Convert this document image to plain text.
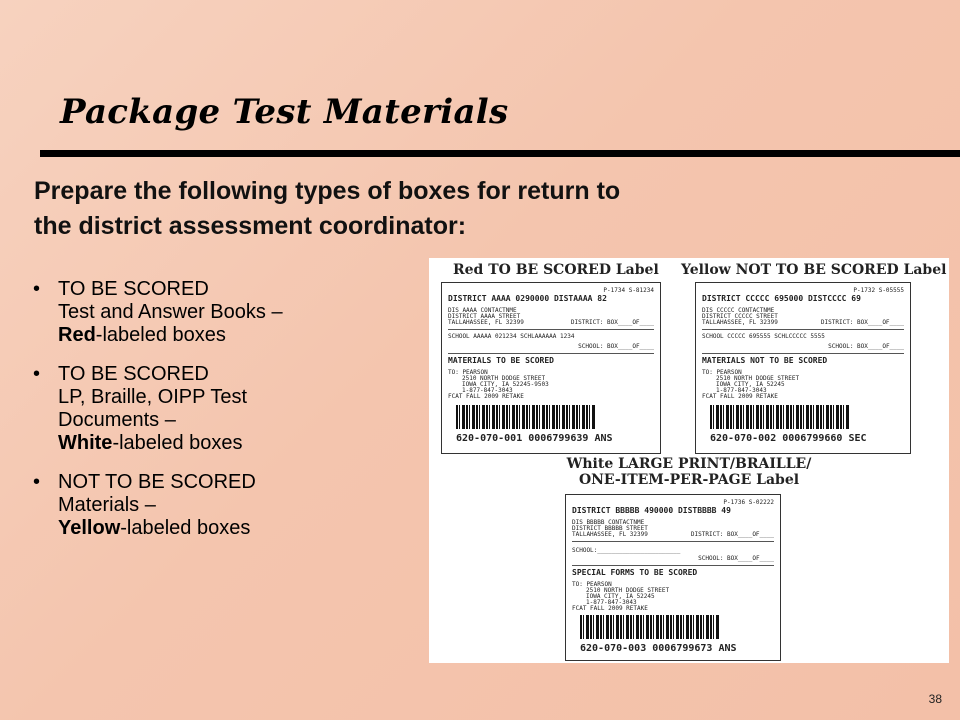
Package Test Materials

Prepare the following types of boxes for return to
the district assessment coordinator:

• TO BE SCORED
Test and Answer Books –
Red-labeled boxes
• TO BE SCORED
LP, Braille, OIPP Test
Documents –
White-labeled boxes
• NOT TO BE SCORED
Materials –
Yellow-labeled boxes
Red TO BE SCORED Label
P-1734 S-81234
DISTRICT AAAA 0290000 DISTAAAA 82
DIS AAAA CONTACTNME
DISTRICT AAAA STREET
TALLAHASSEE, FL 32399	DISTRICT: BOX____OF____
SCHOOL AAAAA 021234 SCHLAAAAAA 1234
SCHOOL: BOX____OF____
MATERIALS TO BE SCORED
TO: PEARSON
2510 NORTH DODGE STREET
IOWA CITY, IA 52245-9503
1-877-847-3043
FCAT FALL 2009 RETAKE
620-070-001 0006799639 ANS
Yellow NOT TO BE SCORED Label
P-1732 S-05555
DISTRICT CCCCC 695000 DISTCCCC 69
DIS CCCCC CONTACTNME
DISTRICT CCCCC STREET
TALLAHASSEE, FL 32399	DISTRICT: BOX____OF____
SCHOOL CCCCC 695555 SCHLCCCCC 5555
SCHOOL: BOX____OF____
MATERIALS NOT TO BE SCORED
TO: PEARSON
2510 NORTH DODGE STREET
IOWA CITY, IA 52245
1-877-847-3043
FCAT FALL 2009 RETAKE
620-070-002 0006799660 SEC
White LARGE PRINT/BRAILLE/
ONE-ITEM-PER-PAGE Label
P-1736 S-02222
DISTRICT BBBBB 490000 DISTBBBB 49
DIS BBBBB CONTACTNME
DISTRICT BBBBB STREET
TALLAHASSEE, FL 32399	DISTRICT: BOX____OF____
SCHOOL:_______________________
SCHOOL: BOX____OF____
SPECIAL FORMS TO BE SCORED
TO: PEARSON
2510 NORTH DODGE STREET
IOWA CITY, IA 52245
1-877-847-3043
FCAT FALL 2009 RETAKE
620-070-003 0006799673 ANS
38
